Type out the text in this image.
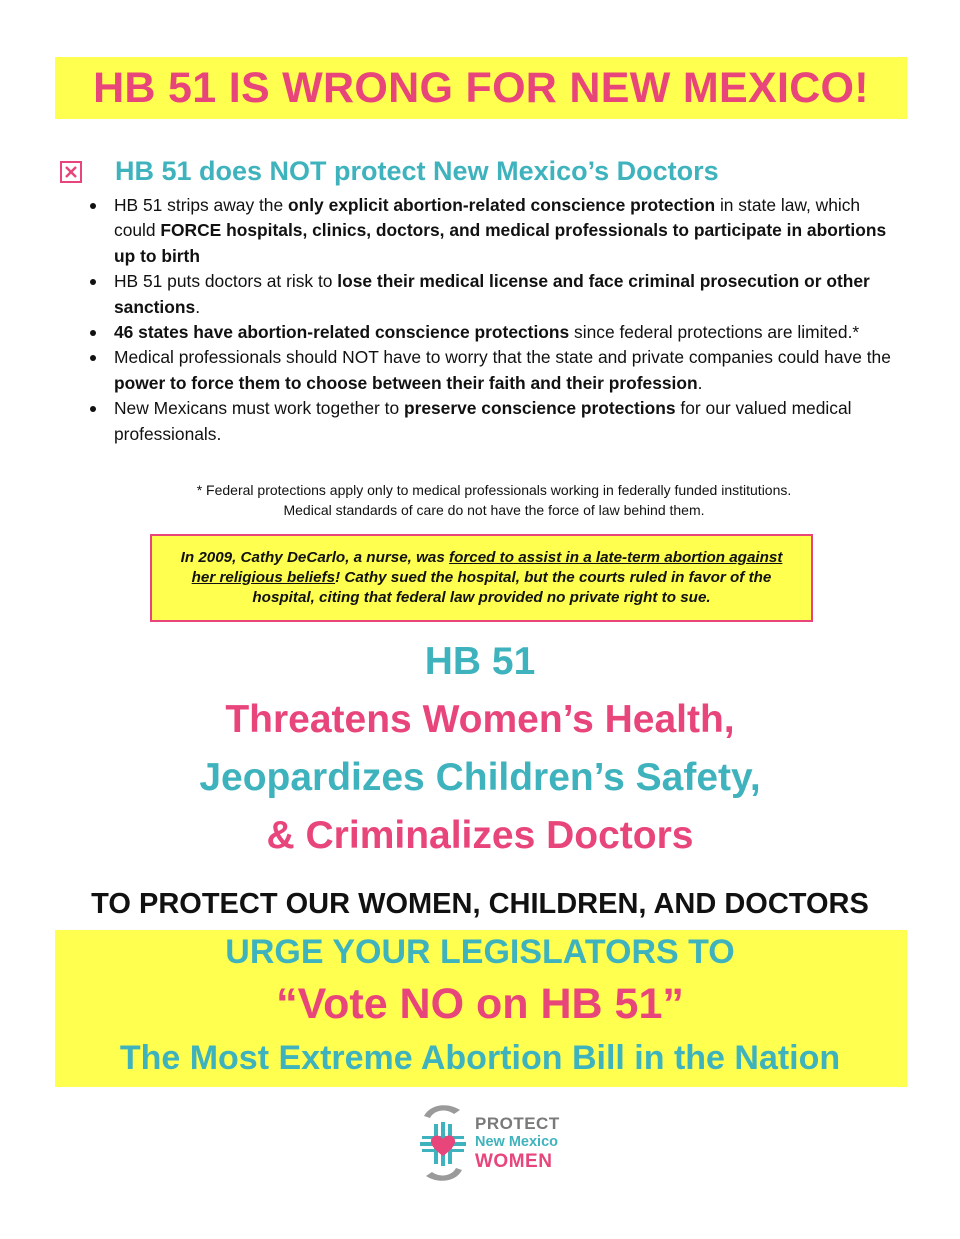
HB 51 IS WRONG FOR NEW MEXICO!
HB 51 does NOT protect New Mexico’s Doctors
HB 51 strips away the only explicit abortion-related conscience protection in state law, which could FORCE hospitals, clinics, doctors, and medical professionals to participate in abortions up to birth
HB 51 puts doctors at risk to lose their medical license and face criminal prosecution or other sanctions.
46 states have abortion-related conscience protections since federal protections are limited.*
Medical professionals should NOT have to worry that the state and private companies could have the power to force them to choose between their faith and their profession.
New Mexicans must work together to preserve conscience protections for our valued medical professionals.
* Federal protections apply only to medical professionals working in federally funded institutions.
Medical standards of care do not have the force of law behind them.
In 2009, Cathy DeCarlo, a nurse, was forced to assist in a late-term abortion against her religious beliefs! Cathy sued the hospital, but the courts ruled in favor of the hospital, citing that federal law provided no private right to sue.
HB 51
Threatens Women’s Health,
Jeopardizes Children’s Safety,
& Criminalizes Doctors
TO PROTECT OUR WOMEN, CHILDREN, AND DOCTORS
URGE YOUR LEGISLATORS TO
“Vote NO on HB 51”
The Most Extreme Abortion Bill in the Nation
PROTECT
New Mexico
WOMEN
